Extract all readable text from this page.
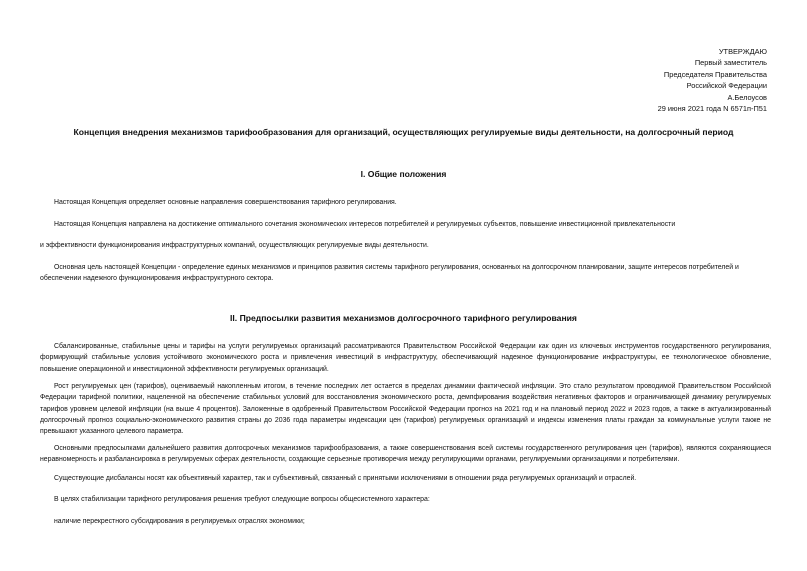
УТВЕРЖДАЮ
Первый заместитель
Председателя Правительства
Российской Федерации
А.Белоусов
29 июня 2021 года N 6571п-П51
Концепция внедрения механизмов тарифообразования для организаций, осуществляющих регулируемые виды деятельности, на долгосрочный период
I. Общие положения
Настоящая Концепция определяет основные направления совершенствования тарифного регулирования.
Настоящая Концепция направлена на достижение оптимального сочетания экономических интересов потребителей и регулируемых субъектов, повышение инвестиционной привлекательности
и эффективности функционирования инфраструктурных компаний, осуществляющих регулируемые виды деятельности.
Основная цель настоящей Концепции - определение единых механизмов и принципов развития системы тарифного регулирования, основанных на долгосрочном планировании, защите интересов потребителей и обеспечении надежного функционирования инфраструктурного сектора.
II. Предпосылки развития механизмов долгосрочного тарифного регулирования
Сбалансированные, стабильные цены и тарифы на услуги регулируемых организаций рассматриваются Правительством Российской Федерации как один из ключевых инструментов государственного регулирования, формирующий стабильные условия устойчивого экономического роста и привлечения инвестиций в инфраструктуру, обеспечивающий надежное функционирование инфраструктуры, ее технологическое обновление, повышение операционной и инвестиционной эффективности регулируемых организаций.
Рост регулируемых цен (тарифов), оцениваемый накопленным итогом, в течение последних лет остается в пределах динамики фактической инфляции. Это стало результатом проводимой Правительством Российской Федерации тарифной политики, нацеленной на обеспечение стабильных условий для восстановления экономического роста, демпфирования воздействия негативных факторов и ограничивающей динамику регулируемых тарифов уровнем целевой инфляции (на выше 4 процентов). Заложенные в одобренный Правительством Российской Федерации прогноз на 2021 год и на плановый период 2022 и 2023 годов, а также в актуализированный долгосрочный прогноз социально-экономического развития страны до 2036 года параметры индексации цен (тарифов) регулируемых организаций и индексы изменения платы граждан за коммунальные услуги также не превышают указанного целевого параметра.
Основными предпосылками дальнейшего развития долгосрочных механизмов тарифообразования, а также совершенствования всей системы государственного регулирования цен (тарифов), являются сохраняющиеся неравномерность и разбалансировка в регулируемых сферах деятельности, создающие серьезные противоречия между регулирующими органами, регулируемыми организациями и потребителями.
Существующие дисбалансы носят как объективный характер, так и субъективный, связанный с принятыми исключениями в отношении ряда регулируемых организаций и отраслей.
В целях стабилизации тарифного регулирования решения требуют следующие вопросы общесистемного характера:
наличие перекрестного субсидирования в регулируемых отраслях экономики;
